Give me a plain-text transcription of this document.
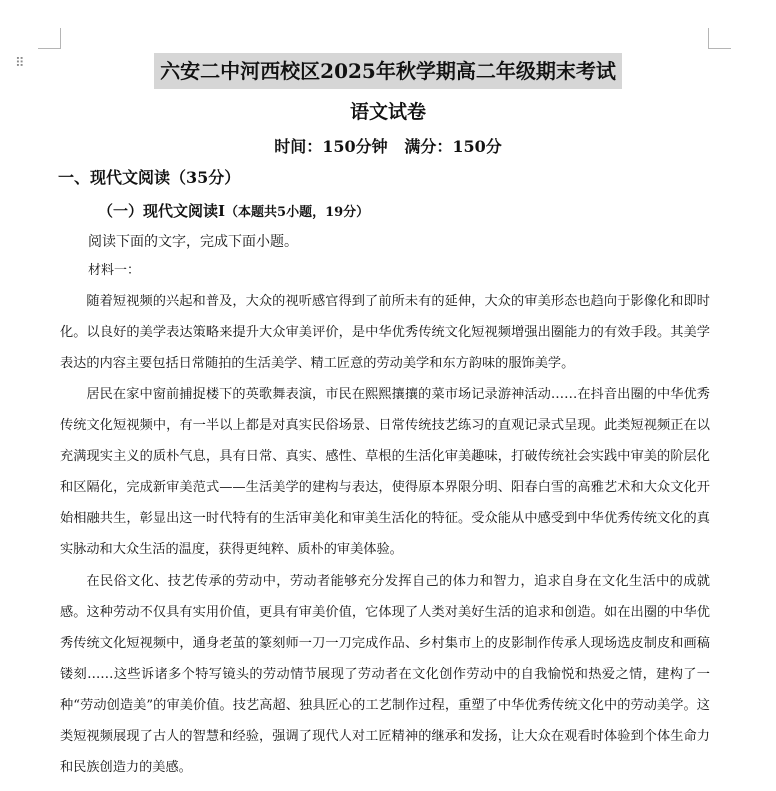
⠿	六安二中河西校区2025年秋学期高二年级期末考试
语文试卷
时间：150分钟   满分：150分
一、现代文阅读（35分）
（一）现代文阅读Ⅰ（本题共5小题，19分）
阅读下面的文字，完成下面小题。
材料一：

随着短视频的兴起和普及，大众的视听感官得到了前所未有的延伸，大众的审美形态也趋向于影像化和即时化。以良好的美学表达策略来提升大众审美评价，是中华优秀传统文化短视频增强出圈能力的有效手段。其美学表达的内容主要包括日常随拍的生活美学、精工匠意的劳动美学和东方韵味的服饰美学。

居民在家中窗前捕捉楼下的英歌舞表演，市民在熙熙攘攘的菜市场记录游神活动……在抖音出圈的中华优秀传统文化短视频中，有一半以上都是对真实民俗场景、日常传统技艺练习的直观记录式呈现。此类短视频正在以充满现实主义的质朴气息，具有日常、真实、感性、草根的生活化审美趣味，打破传统社会实践中审美的阶层化和区隔化，完成新审美范式——生活美学的建构与表达，使得原本界限分明、阳春白雪的高雅艺术和大众文化开始相融共生，彰显出这一时代特有的生活审美化和审美生活化的特征。受众能从中感受到中华优秀传统文化的真实脉动和大众生活的温度，获得更纯粹、质朴的审美体验。

在民俗文化、技艺传承的劳动中，劳动者能够充分发挥自己的体力和智力，追求自身在文化生活中的成就感。这种劳动不仅具有实用价值，更具有审美价值，它体现了人类对美好生活的追求和创造。如在出圈的中华优秀传统文化短视频中，通身老茧的篆刻师一刀一刀完成作品、乡村集市上的皮影制作传承人现场选皮制皮和画稿镂刻……这些诉诸多个特写镜头的劳动情节展现了劳动者在文化创作劳动中的自我愉悦和热爱之情，建构了一种“劳动创造美”的审美价值。技艺高超、独具匠心的工艺制作过程，重塑了中华优秀传统文化中的劳动美学。这类短视频展现了古人的智慧和经验，强调了现代人对工匠精神的继承和发扬，让大众在观看时体验到个体生命力和民族创造力的美感。
